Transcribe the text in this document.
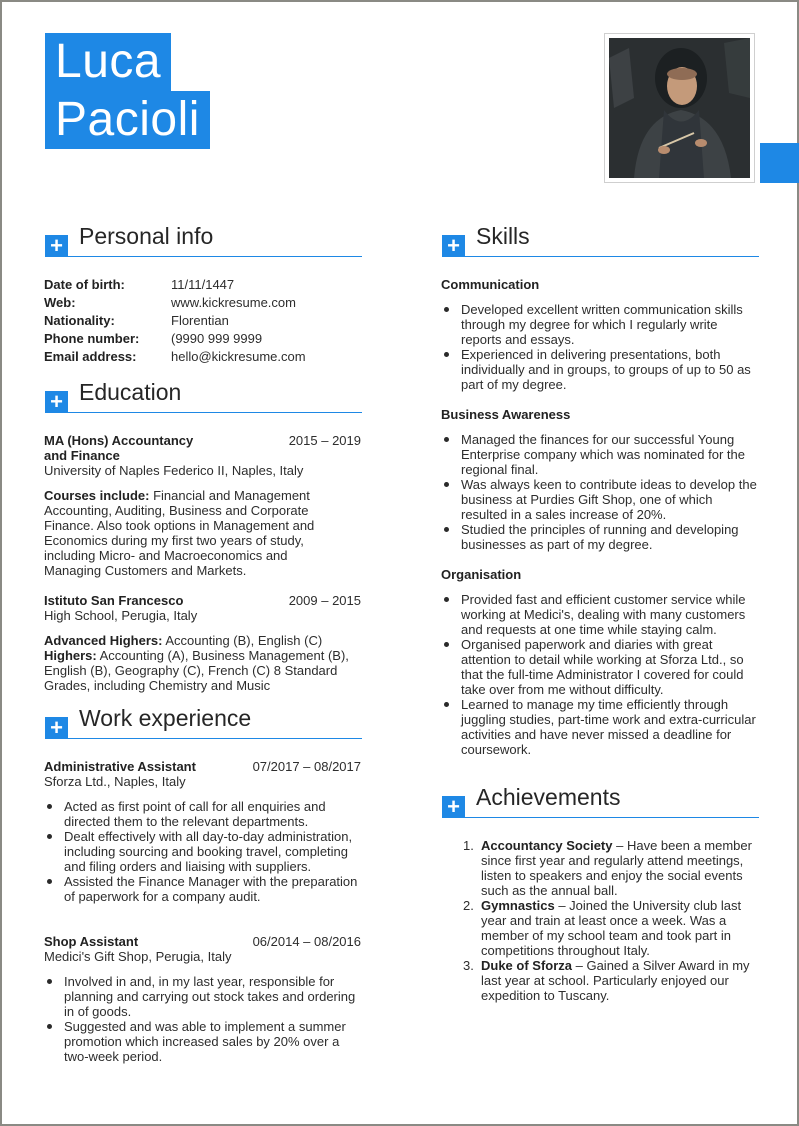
Luca
Pacioli
+ Personal info
Date of birth:	11/11/1447
Web:	www.kickresume.com
Nationality:	Florentian
Phone number: (9990 999 9999
Email address:	hello@kickresume.com
+ Education
MA (Hons) Accountancy
and Finance
2015 – 2019
University of Naples Federico II, Naples, Italy
Courses include: Financial and Management
Accounting, Auditing, Business and Corporate
Finance. Also took options in Management and
Economics during my first two years of study,
including Micro- and Macroeconomics and
Managing Customers and Markets.
Istituto San Francesco	2009 – 2015
High School, Perugia, Italy
Advanced Highers: Accounting (B), English (C)
Highers: Accounting (A), Business Management (B),
English (B), Geography (C), French (C) 8 Standard
Grades, including Chemistry and Music
+ Work experience
Administrative Assistant	07/2017 – 08/2017
Sforza Ltd., Naples, Italy
Acted as first point of call for all enquiries and directed them to the relevant departments.
Dealt effectively with all day-to-day administration, including sourcing and booking travel, completing and filing orders and liaising with suppliers.
Assisted the Finance Manager with the preparation of paperwork for a company audit.
Shop Assistant	06/2014 – 08/2016
Medici's Gift Shop, Perugia, Italy
Involved in and, in my last year, responsible for planning and carrying out stock takes and ordering in of goods.
Suggested and was able to implement a summer promotion which increased sales by 20% over a two-week period.
+ Skills
Communication
Developed excellent written communication skills through my degree for which I regularly write reports and essays.
Experienced in delivering presentations, both individually and in groups, to groups of up to 50 as part of my degree.
Business Awareness
Managed the finances for our successful Young Enterprise company which was nominated for the regional final.
Was always keen to contribute ideas to develop the business at Purdies Gift Shop, one of which resulted in a sales increase of 20%.
Studied the principles of running and developing businesses as part of my degree.
Organisation
Provided fast and efficient customer service while working at Medici's, dealing with many customers and requests at one time while staying calm.
Organised paperwork and diaries with great attention to detail while working at Sforza Ltd., so that the full-time Administrator I covered for could take over from me without difficulty.
Learned to manage my time efficiently through juggling studies, part-time work and extra-curricular activities and have never missed a deadline for coursework.
+ Achievements
1. Accountancy Society – Have been a member since first year and regularly attend meetings, listen to speakers and enjoy the social events such as the annual ball.
2. Gymnastics – Joined the University club last year and train at least once a week. Was a member of my school team and took part in competitions throughout Italy.
3. Duke of Sforza – Gained a Silver Award in my last year at school. Particularly enjoyed our expedition to Tuscany.
